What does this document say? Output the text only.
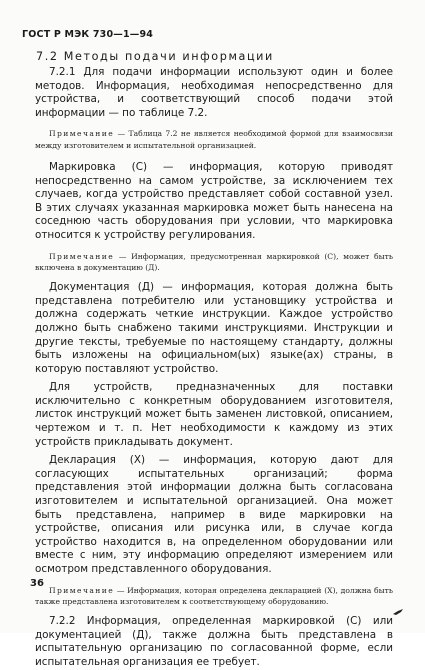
ГОСТ Р МЭК 730—1—94
7.2 Методы подачи информации

7.2.1 Для подачи информации используют один и более методов. Информация, необходимая непосредственно для устройства, и соответствующий способ подачи этой информации — по таблице 7.2.

Примечание — Таблица 7.2 не является необходимой формой для взаимосвязи между изготовителем и испытательной организацией.

Маркировка (С) — информация, которую приводят непосредственно на самом устройстве, за исключением тех случаев, когда устройство представляет собой составной узел. В этих случаях указанная маркировка может быть нанесена на соседнюю часть оборудования при условии, что маркировка относится к устройству регулирования.

Примечание — Информация, предусмотренная маркировкой (С), может быть включена в документацию (Д).

Документация (Д) — информация, которая должна быть представлена потребителю или установщику устройства и должна содержать четкие инструкции. Каждое устройство должно быть снабжено такими инструкциями. Инструкции и другие тексты, требуемые по настоящему стандарту, должны быть изложены на официальном(ых) языке(ах) страны, в которую поставляют устройство.

Для устройств, предназначенных для поставки исключительно с конкретным оборудованием изготовителя, листок инструкций может быть заменен листовкой, описанием, чертежом и т. п. Нет необходимости к каждому из этих устройств прикладывать документ.

Декларация (Х) — информация, которую дают для согласующих испытательных организаций; форма представления этой информации должна быть согласована изготовителем и испытательной организацией. Она может быть представлена, например в виде маркировки на устройстве, описания или рисунка или, в случае когда устройство находится в, на определенном оборудовании или вместе с ним, эту информацию определяют измерением или осмотром представленного оборудования.

Примечание — Информация, которая определена декларацией (Х), должна быть также представлена изготовителем к соответствующему оборудованию.

7.2.2 Информация, определенная маркировкой (С) или документацией (Д), также должна быть представлена в испытательную организацию по согласованной форме, если испытательная организация ее требует.

36
